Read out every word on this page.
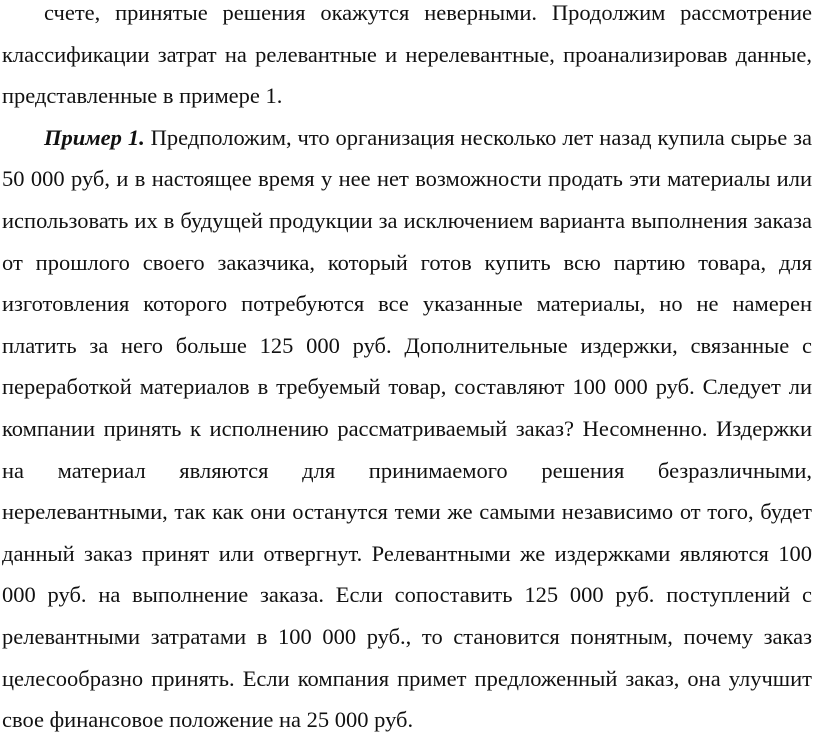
счете, принятые решения окажутся неверными. Продолжим рассмотрение классификации затрат на релевантные и нерелевантные, проанализировав данные, представленные в примере 1.

Пример 1. Предположим, что организация несколько лет назад купила сырье за 50 000 руб, и в настоящее время у нее нет возможности продать эти материалы или использовать их в будущей продукции за исключением варианта выполнения заказа от прошлого своего заказчика, который готов купить всю партию товара, для изготовления которого потребуются все указанные материалы, но не намерен платить за него больше 125 000 руб. Дополнительные издержки, связанные с переработкой материалов в требуемый товар, составляют 100 000 руб. Следует ли компании принять к исполнению рассматриваемый заказ? Несомненно. Издержки на материал являются для принимаемого решения безразличными, нерелевантными, так как они останутся теми же самыми независимо от того, будет данный заказ принят или отвергнут. Релевантными же издержками являются 100 000 руб. на выполнение заказа. Если сопоставить 125 000 руб. поступлений с релевантными затратами в 100 000 руб., то становится понятным, почему заказ целесообразно принять. Если компания примет предложенный заказ, она улучшит свое финансовое положение на 25 000 руб.
